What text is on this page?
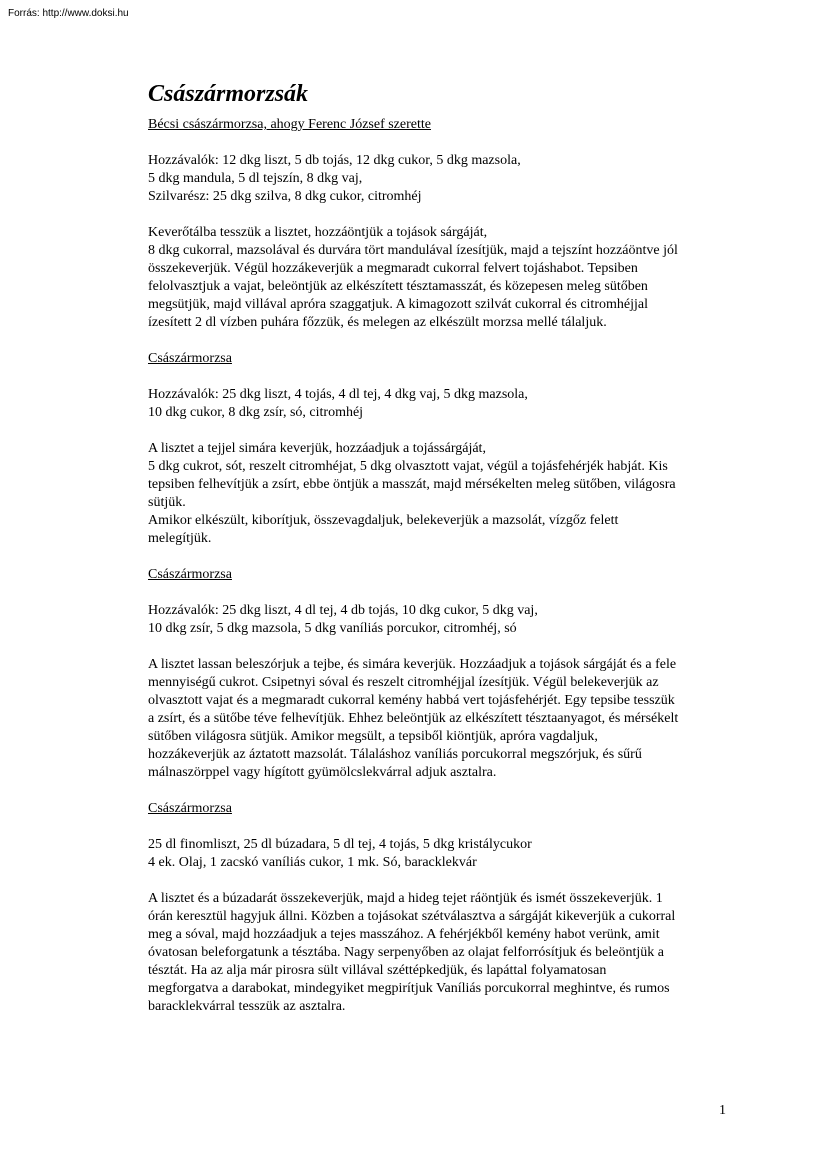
Forrás: http://www.doksi.hu
Császármorzsák
Bécsi császármorzsa, ahogy Ferenc József szerette
Hozzávalók: 12 dkg liszt, 5 db tojás, 12 dkg cukor, 5 dkg mazsola,
5 dkg mandula, 5 dl tejszín, 8 dkg vaj,
Szilvarész: 25 dkg szilva, 8 dkg cukor, citromhéj
Keverőtálba tesszük a lisztet, hozzáöntjük a tojások sárgáját,
8 dkg cukorral, mazsolával és durvára tört mandulával ízesítjük, majd a tejszínt hozzáöntve jól
összekeverjük. Végül hozzákeverjük a megmaradt cukorral felvert tojáshabot. Tepsiben
felolvasztjuk a vajat, beleöntjük az elkészített tésztamasszát, és közepesen meleg sütőben
megsütjük, majd villával apróra szaggatjuk. A kimagozott szilvát cukorral és citromhéjjal
ízesített 2 dl vízben puhára főzzük, és melegen az elkészült morzsa mellé tálaljuk.
Császármorzsa
Hozzávalók: 25 dkg liszt, 4 tojás, 4 dl tej, 4 dkg vaj, 5 dkg mazsola,
10 dkg cukor, 8 dkg zsír, só, citromhéj
A lisztet a tejjel simára keverjük, hozzáadjuk a tojássárgáját,
5 dkg cukrot, sót, reszelt citromhéjat, 5 dkg olvasztott vajat, végül a tojásfehérjék habját. Kis
tepsiben felhevítjük a zsírt, ebbe öntjük a masszát, majd mérsékelten meleg sütőben, világosra
sütjük.
Amikor elkészült, kiborítjuk, összevagdaljuk, belekeverjük a mazsolát, vízgőz felett
melegítjük.
Császármorzsa
Hozzávalók: 25 dkg liszt, 4 dl tej, 4 db tojás, 10 dkg cukor, 5 dkg vaj,
10 dkg zsír, 5 dkg mazsola, 5 dkg vaníliás porcukor, citromhéj, só
A lisztet lassan beleszórjuk a tejbe, és simára keverjük. Hozzáadjuk a tojások sárgáját és a fele
mennyiségű cukrot. Csipetnyi sóval és reszelt citromhéjjal ízesítjük. Végül belekeverjük az
olvasztott vajat és a megmaradt cukorral kemény habbá vert tojásfehérjét. Egy tepsibe tesszük
a zsírt, és a sütőbe téve felhevítjük. Ehhez beleöntjük az elkészített tésztaanyagot, és mérsékelt
sütőben világosra sütjük. Amikor megsült, a tepsiből kiöntjük, apróra vagdaljuk,
hozzákeverjük az áztatott mazsolát. Tálaláshoz vaníliás porcukorral megszórjuk, és sűrű
málnaszörppel vagy hígított gyümölcslekvárral adjuk asztalra.
Császármorzsa
25 dl finomliszt, 25 dl búzadara, 5 dl tej, 4 tojás, 5 dkg kristálycukor
4 ek. Olaj, 1 zacskó vaníliás cukor, 1 mk. Só, baracklekvár
A lisztet és a búzadarát összekeverjük, majd a hideg tejet ráöntjük és ismét összekeverjük. 1
órán keresztül hagyjuk állni. Közben a tojásokat szétválasztva a sárgáját kikeverjük a cukorral
meg a sóval, majd hozzáadjuk a tejes masszához. A fehérjékből kemény habot verünk, amit
óvatosan beleforgatunk a tésztába. Nagy serpenyőben az olajat felforrósítjuk és beleöntjük a
tésztát. Ha az alja már pirosra sült villával széttépkedjük, és lapáttal folyamatosan
megforgatva a darabokat, mindegyiket megpirítjuk Vaníliás porcukorral meghintve, és rumos
baracklekvárral tesszük az asztalra.
1
